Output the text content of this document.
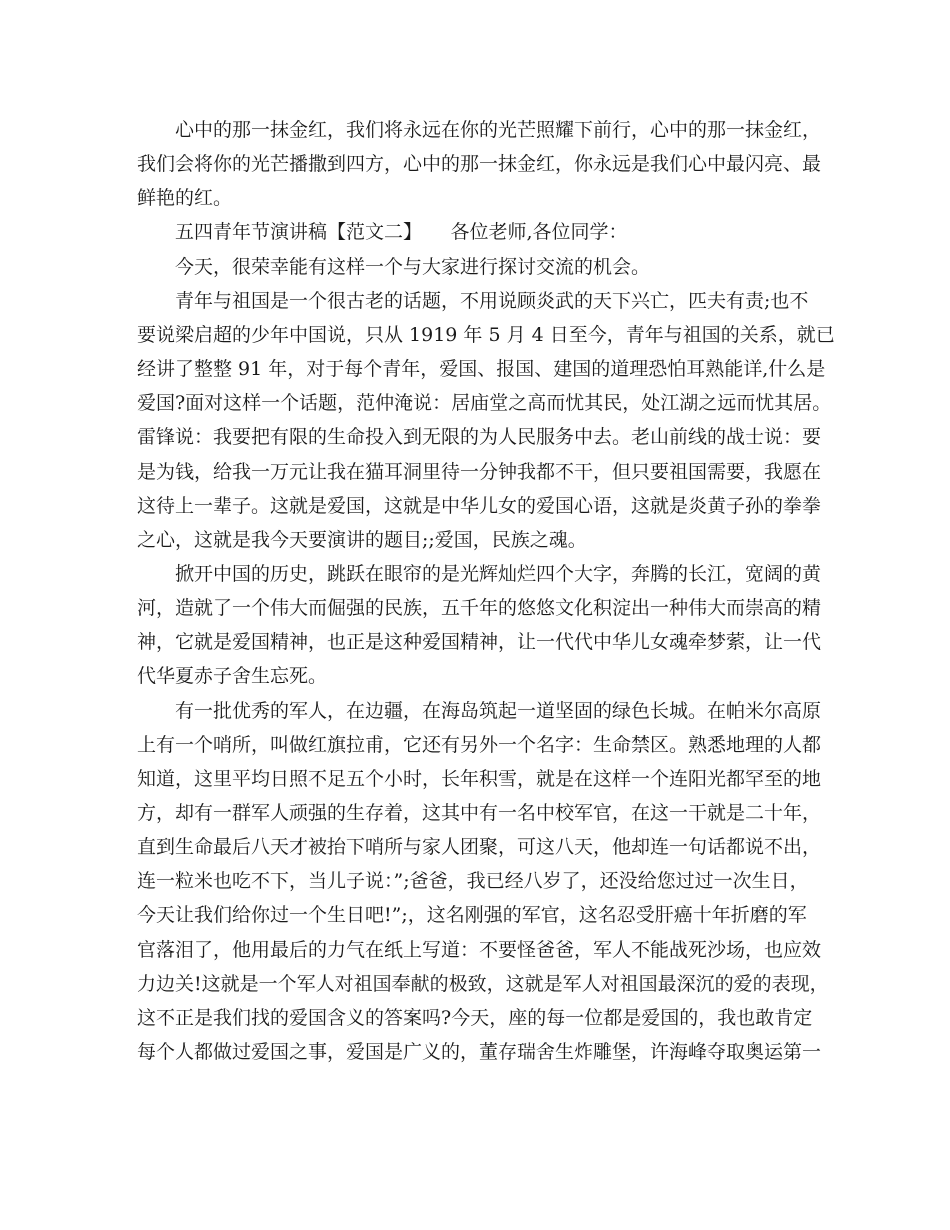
　　心中的那一抹金红，我们将永远在你的光芒照耀下前行，心中的那一抹金红，
我们会将你的光芒播撒到四方，心中的那一抹金红，你永远是我们心中最闪亮、最
鲜艳的红。
　　五四青年节演讲稿【范文二】　　各位老师,各位同学：
　　今天，很荣幸能有这样一个与大家进行探讨交流的机会。
　　青年与祖国是一个很古老的话题，不用说顾炎武的天下兴亡，匹夫有责;也不
要说梁启超的少年中国说，只从 1919 年 5 月 4 日至今，青年与祖国的关系，就已
经讲了整整 91 年，对于每个青年，爱国、报国、建国的道理恐怕耳熟能详,什么是
爱国?面对这样一个话题，范仲淹说：居庙堂之高而忧其民，处江湖之远而忧其居。
雷锋说：我要把有限的生命投入到无限的为人民服务中去。老山前线的战士说：要
是为钱，给我一万元让我在猫耳洞里待一分钟我都不干，但只要祖国需要，我愿在
这待上一辈子。这就是爱国，这就是中华儿女的爱国心语，这就是炎黄子孙的拳拳
之心，这就是我今天要演讲的题目;;爱国，民族之魂。
　　掀开中国的历史，跳跃在眼帘的是光辉灿烂四个大字，奔腾的长江，宽阔的黄
河，造就了一个伟大而倔强的民族，五千年的悠悠文化积淀出一种伟大而崇高的精
神，它就是爱国精神，也正是这种爱国精神，让一代代中华儿女魂牵梦萦，让一代
代华夏赤子舍生忘死。
　　有一批优秀的军人，在边疆，在海岛筑起一道坚固的绿色长城。在帕米尔高原
上有一个哨所，叫做红旗拉甫，它还有另外一个名字：生命禁区。熟悉地理的人都
知道，这里平均日照不足五个小时，长年积雪，就是在这样一个连阳光都罕至的地
方，却有一群军人顽强的生存着，这其中有一名中校军官，在这一干就是二十年，
直到生命最后八天才被抬下哨所与家人团聚，可这八天，他却连一句话都说不出，
连一粒米也吃不下，当儿子说：”;爸爸，我已经八岁了，还没给您过过一次生日，
今天让我们给你过一个生日吧!”;，这名刚强的军官，这名忍受肝癌十年折磨的军
官落泪了，他用最后的力气在纸上写道：不要怪爸爸，军人不能战死沙场，也应效
力边关!这就是一个军人对祖国奉献的极致，这就是军人对祖国最深沉的爱的表现，
这不正是我们找的爱国含义的答案吗?今天，座的每一位都是爱国的，我也敢肯定
每个人都做过爱国之事，爱国是广义的，董存瑞舍生炸雕堡，许海峰夺取奥运第一
